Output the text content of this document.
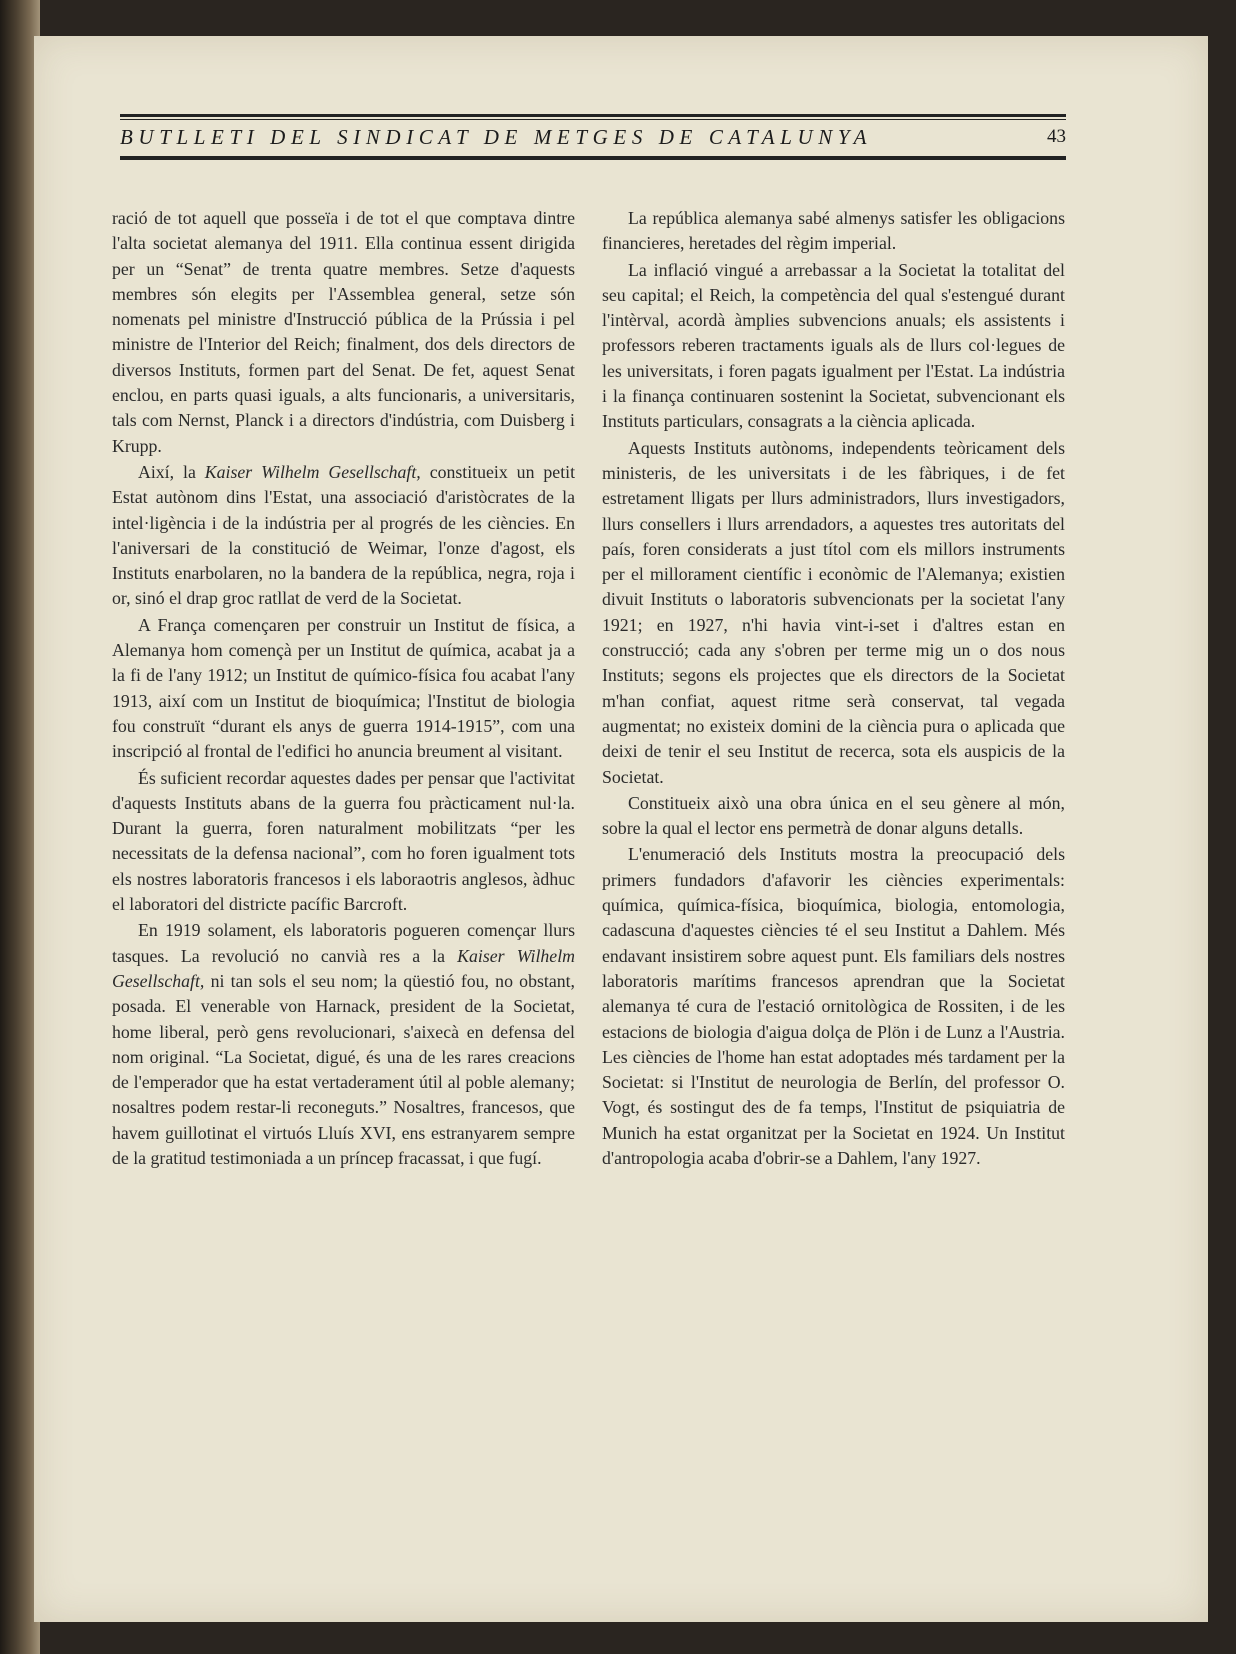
BUTLLETI DEL SINDICAT DE METGES DE CATALUNYA	43

ració de tot aquell que posseïa i de tot el que comptava dintre l'alta societat alemanya del 1911. Ella continua essent dirigida per un “Senat” de trenta quatre membres. Setze d'aquests membres són elegits per l'Assemblea general, setze són nomenats pel ministre d'Instrucció pública de la Prússia i pel ministre de l'Interior del Reich; finalment, dos dels directors de diversos Instituts, formen part del Senat. De fet, aquest Senat enclou, en parts quasi iguals, a alts funcionaris, a universitaris, tals com Nernst, Planck i a directors d'indústria, com Duisberg i Krupp.

Així, la Kaiser Wilhelm Gesellschaft, constitueix un petit Estat autònom dins l'Estat, una associació d'aristòcrates de la intel·ligència i de la indústria per al progrés de les ciències. En l'aniversari de la constitució de Weimar, l'onze d'agost, els Instituts enarbolaren, no la bandera de la república, negra, roja i or, sinó el drap groc ratllat de verd de la Societat.

A França començaren per construir un Institut de física, a Alemanya hom començà per un Institut de química, acabat ja a la fi de l'any 1912; un Institut de químico-física fou acabat l'any 1913, així com un Institut de bioquímica; l'Institut de biologia fou construït “durant els anys de guerra 1914-1915”, com una inscripció al frontal de l'edifici ho anuncia breument al visitant.

És suficient recordar aquestes dades per pensar que l'activitat d'aquests Instituts abans de la guerra fou pràcticament nul·la. Durant la guerra, foren naturalment mobilitzats “per les necessitats de la defensa nacional”, com ho foren igualment tots els nostres laboratoris francesos i els laboraotris anglesos, àdhuc el laboratori del districte pacífic Barcroft.

En 1919 solament, els laboratoris pogueren començar llurs tasques. La revolució no canvià res a la Kaiser Wilhelm Gesellschaft, ni tan sols el seu nom; la qüestió fou, no obstant, posada. El venerable von Harnack, president de la Societat, home liberal, però gens revolucionari, s'aixecà en defensa del nom original. “La Societat, digué, és una de les rares creacions de l'emperador que ha estat vertaderament útil al poble alemany; nosaltres podem restar-li reconeguts.” Nosaltres, francesos, que havem guillotinat el virtuós Lluís XVI, ens estranyarem sempre de la gratitud testimoniada a un príncep fracassat, i que fugí.

La república alemanya sabé almenys satisfer les obligacions financieres, heretades del règim imperial.

La inflació vingué a arrebassar a la Societat la totalitat del seu capital; el Reich, la competència del qual s'estengué durant l'intèrval, acordà àmplies subvencions anuals; els assistents i professors reberen tractaments iguals als de llurs col·legues de les universitats, i foren pagats igualment per l'Estat. La indústria i la finança continuaren sostenint la Societat, subvencionant els Instituts particulars, consagrats a la ciència aplicada.

Aquests Instituts autònoms, independents teòricament dels ministeris, de les universitats i de les fàbriques, i de fet estretament lligats per llurs administradors, llurs investigadors, llurs consellers i llurs arrendadors, a aquestes tres autoritats del país, foren considerats a just títol com els millors instruments per el millorament científic i econòmic de l'Alemanya; existien divuit Instituts o laboratoris subvencionats per la societat l'any 1921; en 1927, n'hi havia vint-i-set i d'altres estan en construcció; cada any s'obren per terme mig un o dos nous Instituts; segons els projectes que els directors de la Societat m'han confiat, aquest ritme serà conservat, tal vegada augmentat; no existeix domini de la ciència pura o aplicada que deixi de tenir el seu Institut de recerca, sota els auspicis de la Societat.

Constitueix això una obra única en el seu gènere al món, sobre la qual el lector ens permetrà de donar alguns detalls.

L'enumeració dels Instituts mostra la preocupació dels primers fundadors d'afavorir les ciències experimentals: química, química-física, bioquímica, biologia, entomologia, cadascuna d'aquestes ciències té el seu Institut a Dahlem. Més endavant insistirem sobre aquest punt. Els familiars dels nostres laboratoris marítims francesos aprendran que la Societat alemanya té cura de l'estació ornitològica de Rossiten, i de les estacions de biologia d'aigua dolça de Plön i de Lunz a l'Austria. Les ciències de l'home han estat adoptades més tardament per la Societat: si l'Institut de neurologia de Berlín, del professor O. Vogt, és sostingut des de fa temps, l'Institut de psiquiatria de Munich ha estat organitzat per la Societat en 1924. Un Institut d'antropologia acaba d'obrir-se a Dahlem, l'any 1927.
